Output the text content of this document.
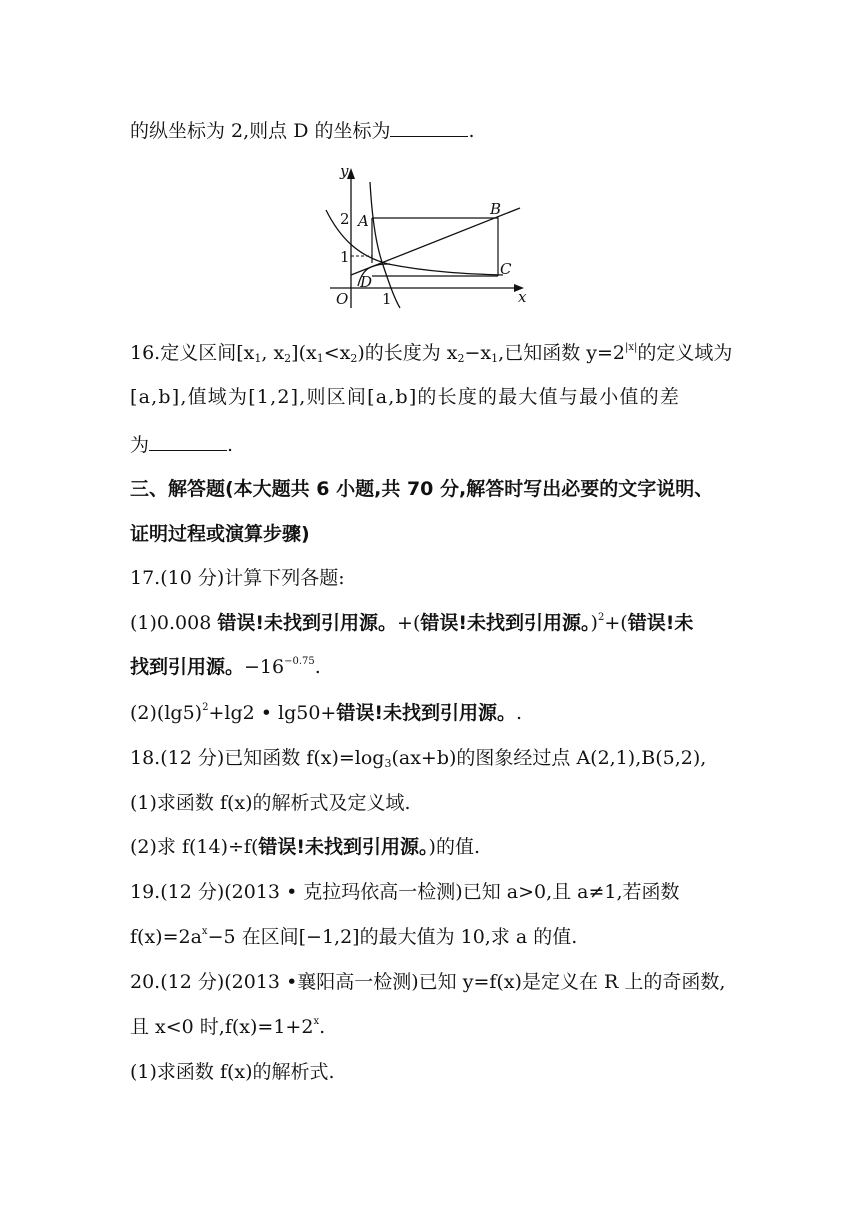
的纵坐标为 2,则点 D 的坐标为	.
y
x
O
2
1
1
A
B
C
D
16.定义区间[$x_1$, $x_2](x_1<x_2)$的长度为 $x_2-x_1$,已知函数 $y=2^{|x|}$的定义域为
[a,b],值域为[1,2],则区间[a,b]的长度的最大值与最小值的差
为	.
三、解答题(本大题共 6 小题,共 70 分,解答时写出必要的文字说明、
证明过程或演算步骤)
17.(10 分)计算下列各题:
(1)0.008 错误!未找到引用源。+(错误!未找到引用源。)$^2$+(错误!未
找到引用源。$-16^{-0.75}$.
$(2)(\lg 5)^2+\lg 2$ • lg50+错误!未找到引用源。.
18.(12 分)已知函数 $f(x)=\log_3(ax+b)$的图象经过点 A(2,1),B(5,2),
(1)求函数 f(x)的解析式及定义域.
(2)求 f(14)÷f(错误!未找到引用源。)的值.
19.(12 分)(2013 • 克拉玛依高一检测)已知 a>0,且 a≠1,若函数
$f(x)=2a^x-5$ 在区间[−1,2]的最大值为 10,求 a 的值.
20.(12 分)(2013 •襄阳高一检测)已知 y=f(x)是定义在 R 上的奇函数,
且 x<0 时$,f(x)=1+2^x$.
(1)求函数 f(x)的解析式.
